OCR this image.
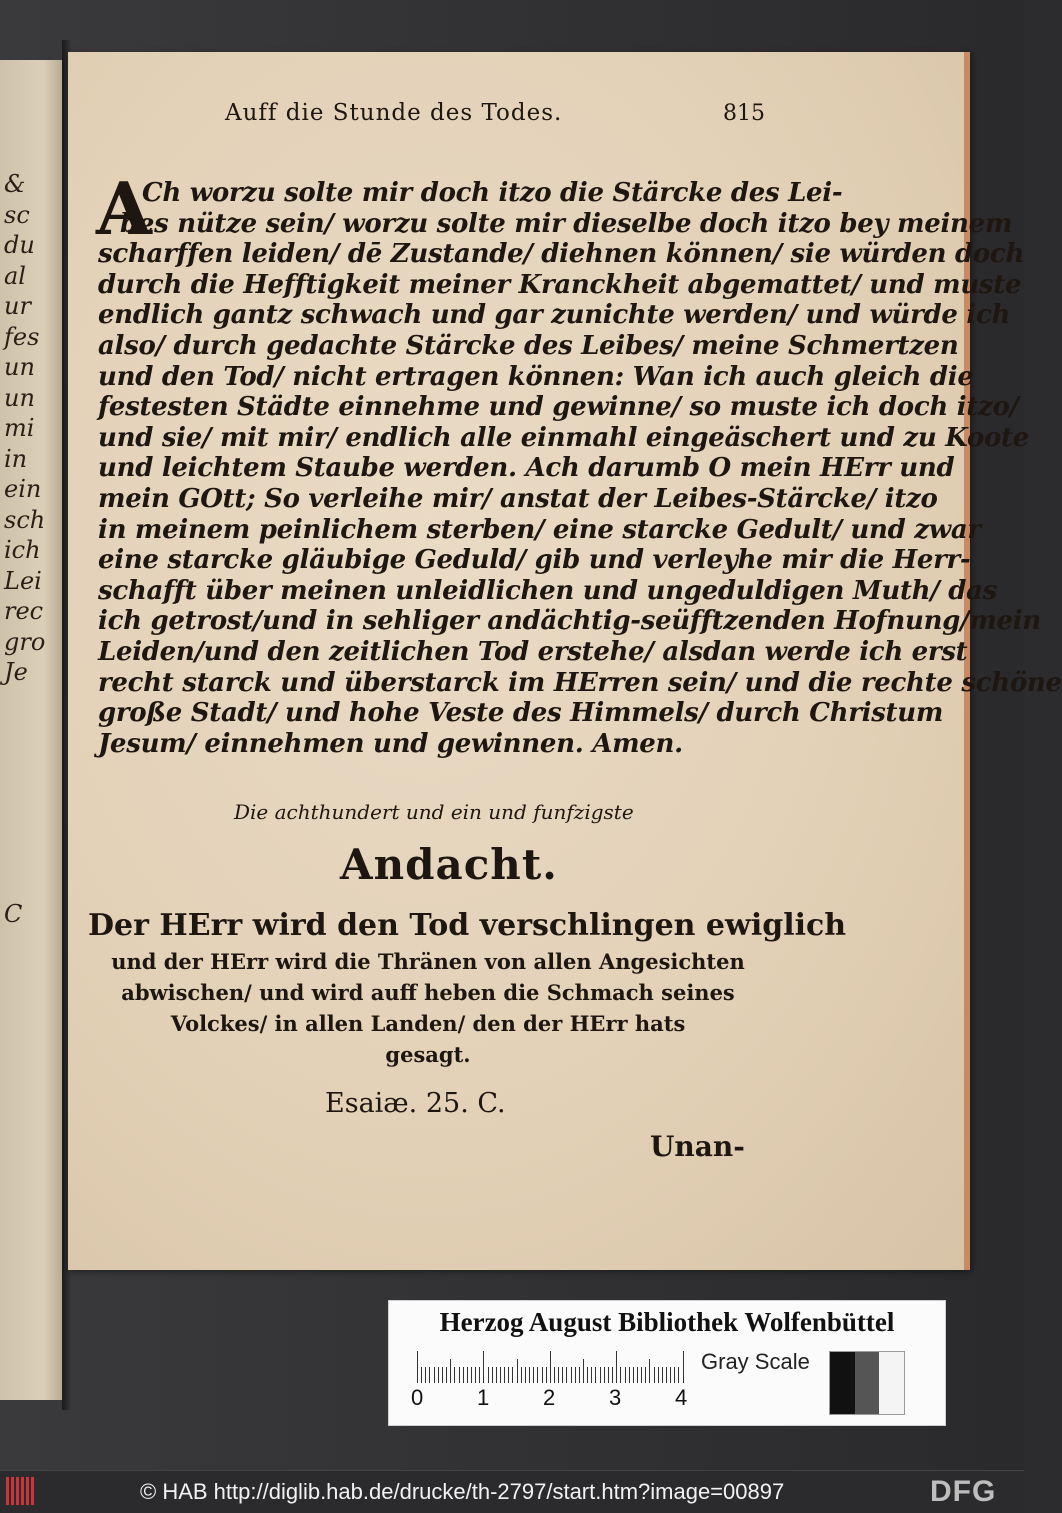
&
sc
du
al
ur
fes
un
un
mi
in
ein
sch
ich
Lei
rec
gro
Je
C
Auff die Stunde des Todes.	815
A
Ch worzu solte mir doch itzo die Stärcke des Lei-
bes nütze sein/ worzu solte mir dieselbe doch itzo bey meinem
scharffen leiden/ dē Zustande/ diehnen können/ sie würden doch
durch die Hefftigkeit meiner Kranckheit abgemattet/ und muste
endlich gantz schwach und gar zunichte werden/ und würde ich
also/ durch gedachte Stärcke des Leibes/ meine Schmertzen
und den Tod/ nicht ertragen können: Wan ich auch gleich die
festesten Städte einnehme und gewinne/ so muste ich doch itzo/
und sie/ mit mir/ endlich alle einmahl eingeäschert und zu Koote
und leichtem Staube werden. Ach darumb O mein HErr und
mein GOtt; So verleihe mir/ anstat der Leibes-Stärcke/ itzo
in meinem peinlichem sterben/ eine starcke Gedult/ und zwar
eine starcke gläubige Geduld/ gib und verleyhe mir die Herr-
schafft über meinen unleidlichen und ungeduldigen Muth/ das
ich getrost/und in sehliger andächtig-seüfftzenden Hofnung/mein
Leiden/und den zeitlichen Tod erstehe/ alsdan werde ich erst
recht starck und überstarck im HErren sein/ und die rechte schöne
große Stadt/ und hohe Veste des Himmels/ durch Christum
Jesum/ einnehmen und gewinnen. Amen.
Die achthundert und ein und funfzigste
Andacht.
Der HErr wird den Tod verschlingen ewiglich
und der HErr wird die Thränen von allen Angesichten
abwischen/ und wird auff heben die Schmach seines
Volckes/ in allen Landen/ den der HErr hats
gesagt.
Esaiæ. 25. C.
Unan-
Herzog August Bibliothek Wolfenbüttel
0 1 2 3 4
Gray Scale
© HAB http://diglib.hab.de/drucke/th-2797/start.htm?image=00897	DFG
